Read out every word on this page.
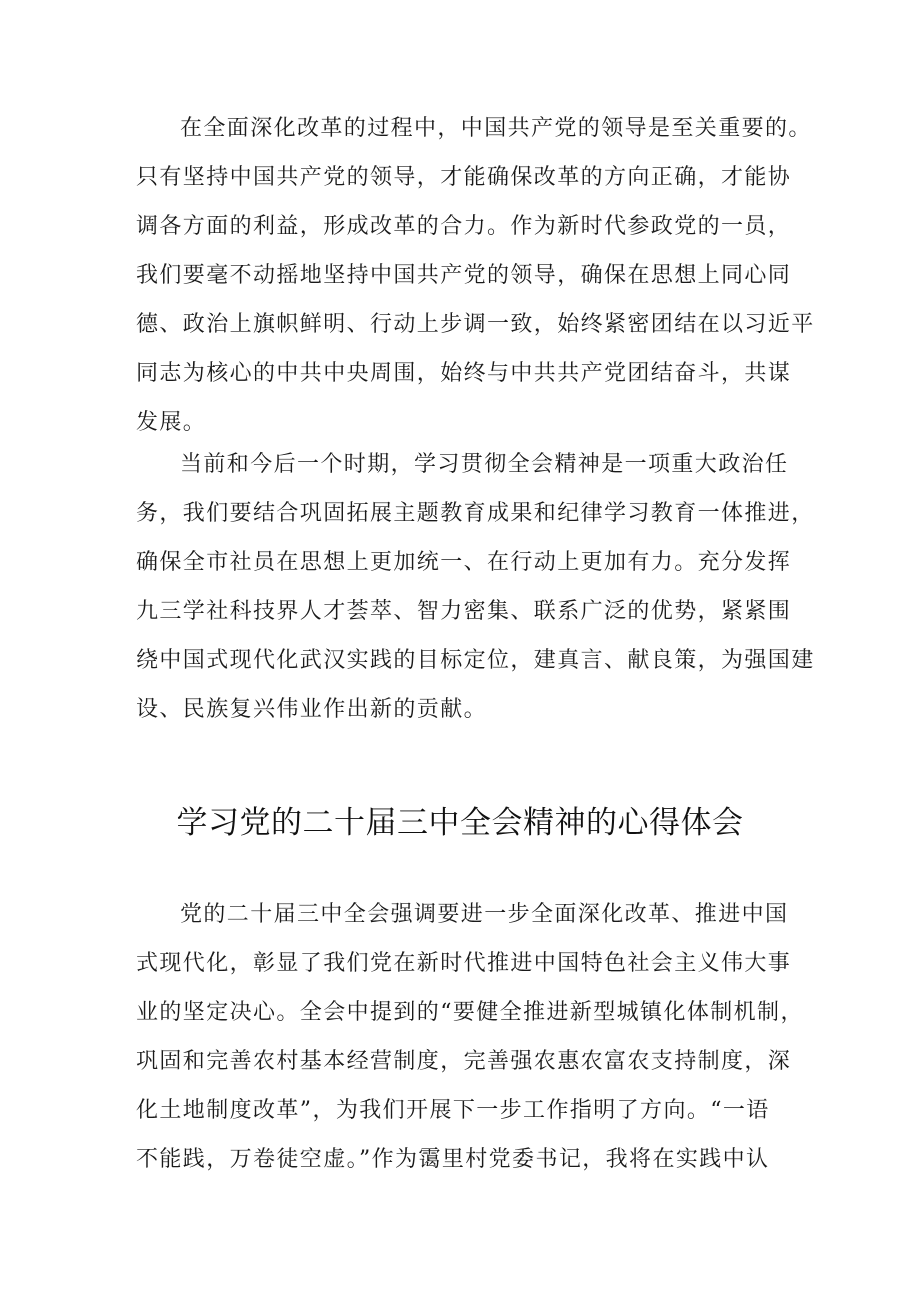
在全面深化改革的过程中，中国共产党的领导是至关重要的。
只有坚持中国共产党的领导，才能确保改革的方向正确，才能协
调各方面的利益，形成改革的合力。作为新时代参政党的一员，
我们要毫不动摇地坚持中国共产党的领导，确保在思想上同心同
德、政治上旗帜鲜明、行动上步调一致，始终紧密团结在以习近平
同志为核心的中共中央周围，始终与中共共产党团结奋斗，共谋
发展。
当前和今后一个时期，学习贯彻全会精神是一项重大政治任
务，我们要结合巩固拓展主题教育成果和纪律学习教育一体推进，
确保全市社员在思想上更加统一、在行动上更加有力。充分发挥
九三学社科技界人才荟萃、智力密集、联系广泛的优势，紧紧围
绕中国式现代化武汉实践的目标定位，建真言、献良策，为强国建
设、民族复兴伟业作出新的贡献。
学习党的二十届三中全会精神的心得体会
党的二十届三中全会强调要进一步全面深化改革、推进中国
式现代化，彰显了我们党在新时代推进中国特色社会主义伟大事
业的坚定决心。全会中提到的“要健全推进新型城镇化体制机制，
巩固和完善农村基本经营制度，完善强农惠农富农支持制度，深
化土地制度改革”，为我们开展下一步工作指明了方向。“一语
不能践，万卷徒空虚。”作为霭里村党委书记，我将在实践中认
